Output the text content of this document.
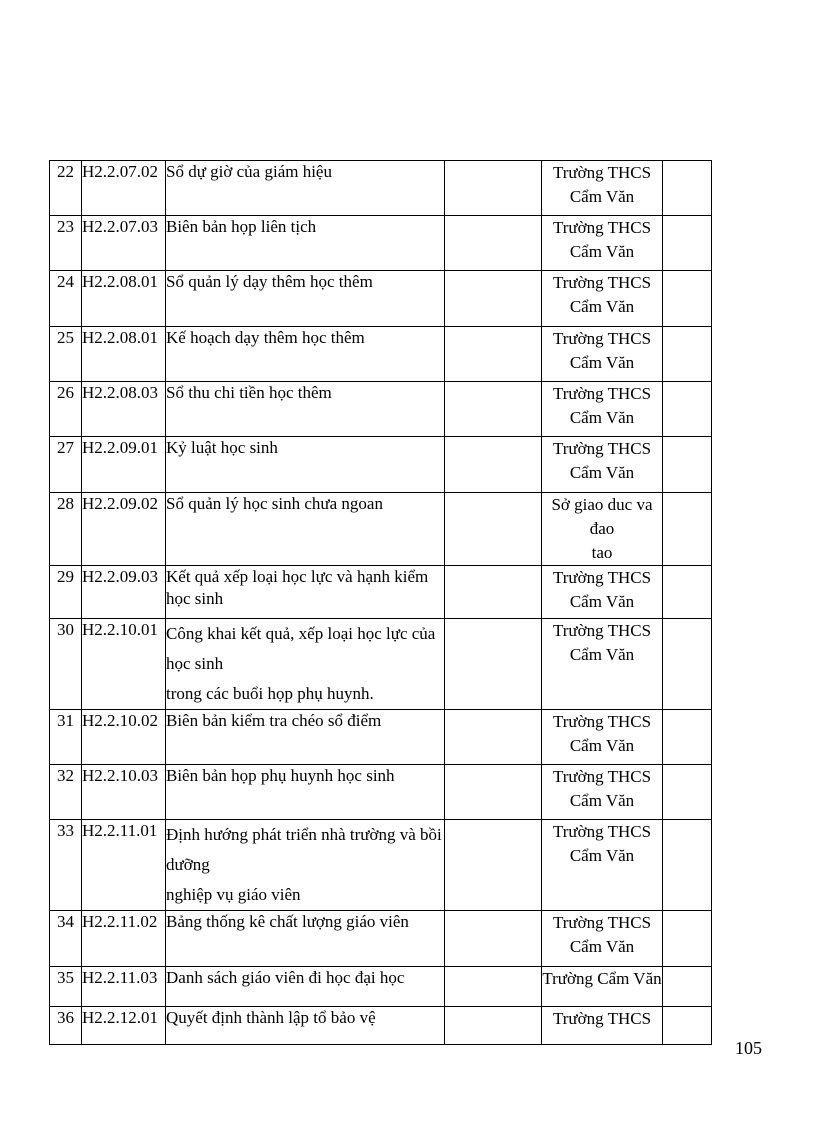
22	H2.2.07.02	Sổ dự giờ của giám hiệu		Trường THCS
Cẩm Văn	

23	H2.2.07.03	Biên bản họp liên tịch		Trường THCS
Cẩm Văn	

24	H2.2.08.01	Sổ quản lý dạy thêm học thêm		Trường THCS
Cẩm Văn	

25	H2.2.08.01	Kế hoạch dạy thêm học thêm		Trường THCS
Cẩm Văn	

26	H2.2.08.03	Sổ thu chi tiền học thêm		Trường THCS
Cẩm Văn	

27	H2.2.09.01	Kỷ luật học sinh		Trường THCS
Cẩm Văn	

28	H2.2.09.02	Sổ quản lý học sinh chưa ngoan		Sở giao duc va đao
tao	

29	H2.2.09.03	Kết quả xếp loại học lực và hạnh kiểm học sinh		Trường THCS
Cẩm Văn	

30	H2.2.10.01	Công khai kết quả, xếp loại học lực của học sinh
trong các buổi họp phụ huynh.		Trường THCS
Cẩm Văn	

31	H2.2.10.02	Biên bản kiểm tra chéo sổ điểm		Trường THCS
Cẩm Văn	

32	H2.2.10.03	Biên bản họp phụ huynh học sinh		Trường THCS
Cẩm Văn	

33	H2.2.11.01	Định hướng phát triển nhà trường và bồi dưỡng
nghiệp vụ giáo viên		Trường THCS
Cẩm Văn	

34	H2.2.11.02	Bảng thống kê chất lượng giáo viên		Trường THCS
Cẩm Văn	

35	H2.2.11.03	Danh sách giáo viên đi học đại học		Trường Cẩm Văn	

36	H2.2.12.01	Quyết định thành lập tổ bảo vệ		Trường THCS	

105
